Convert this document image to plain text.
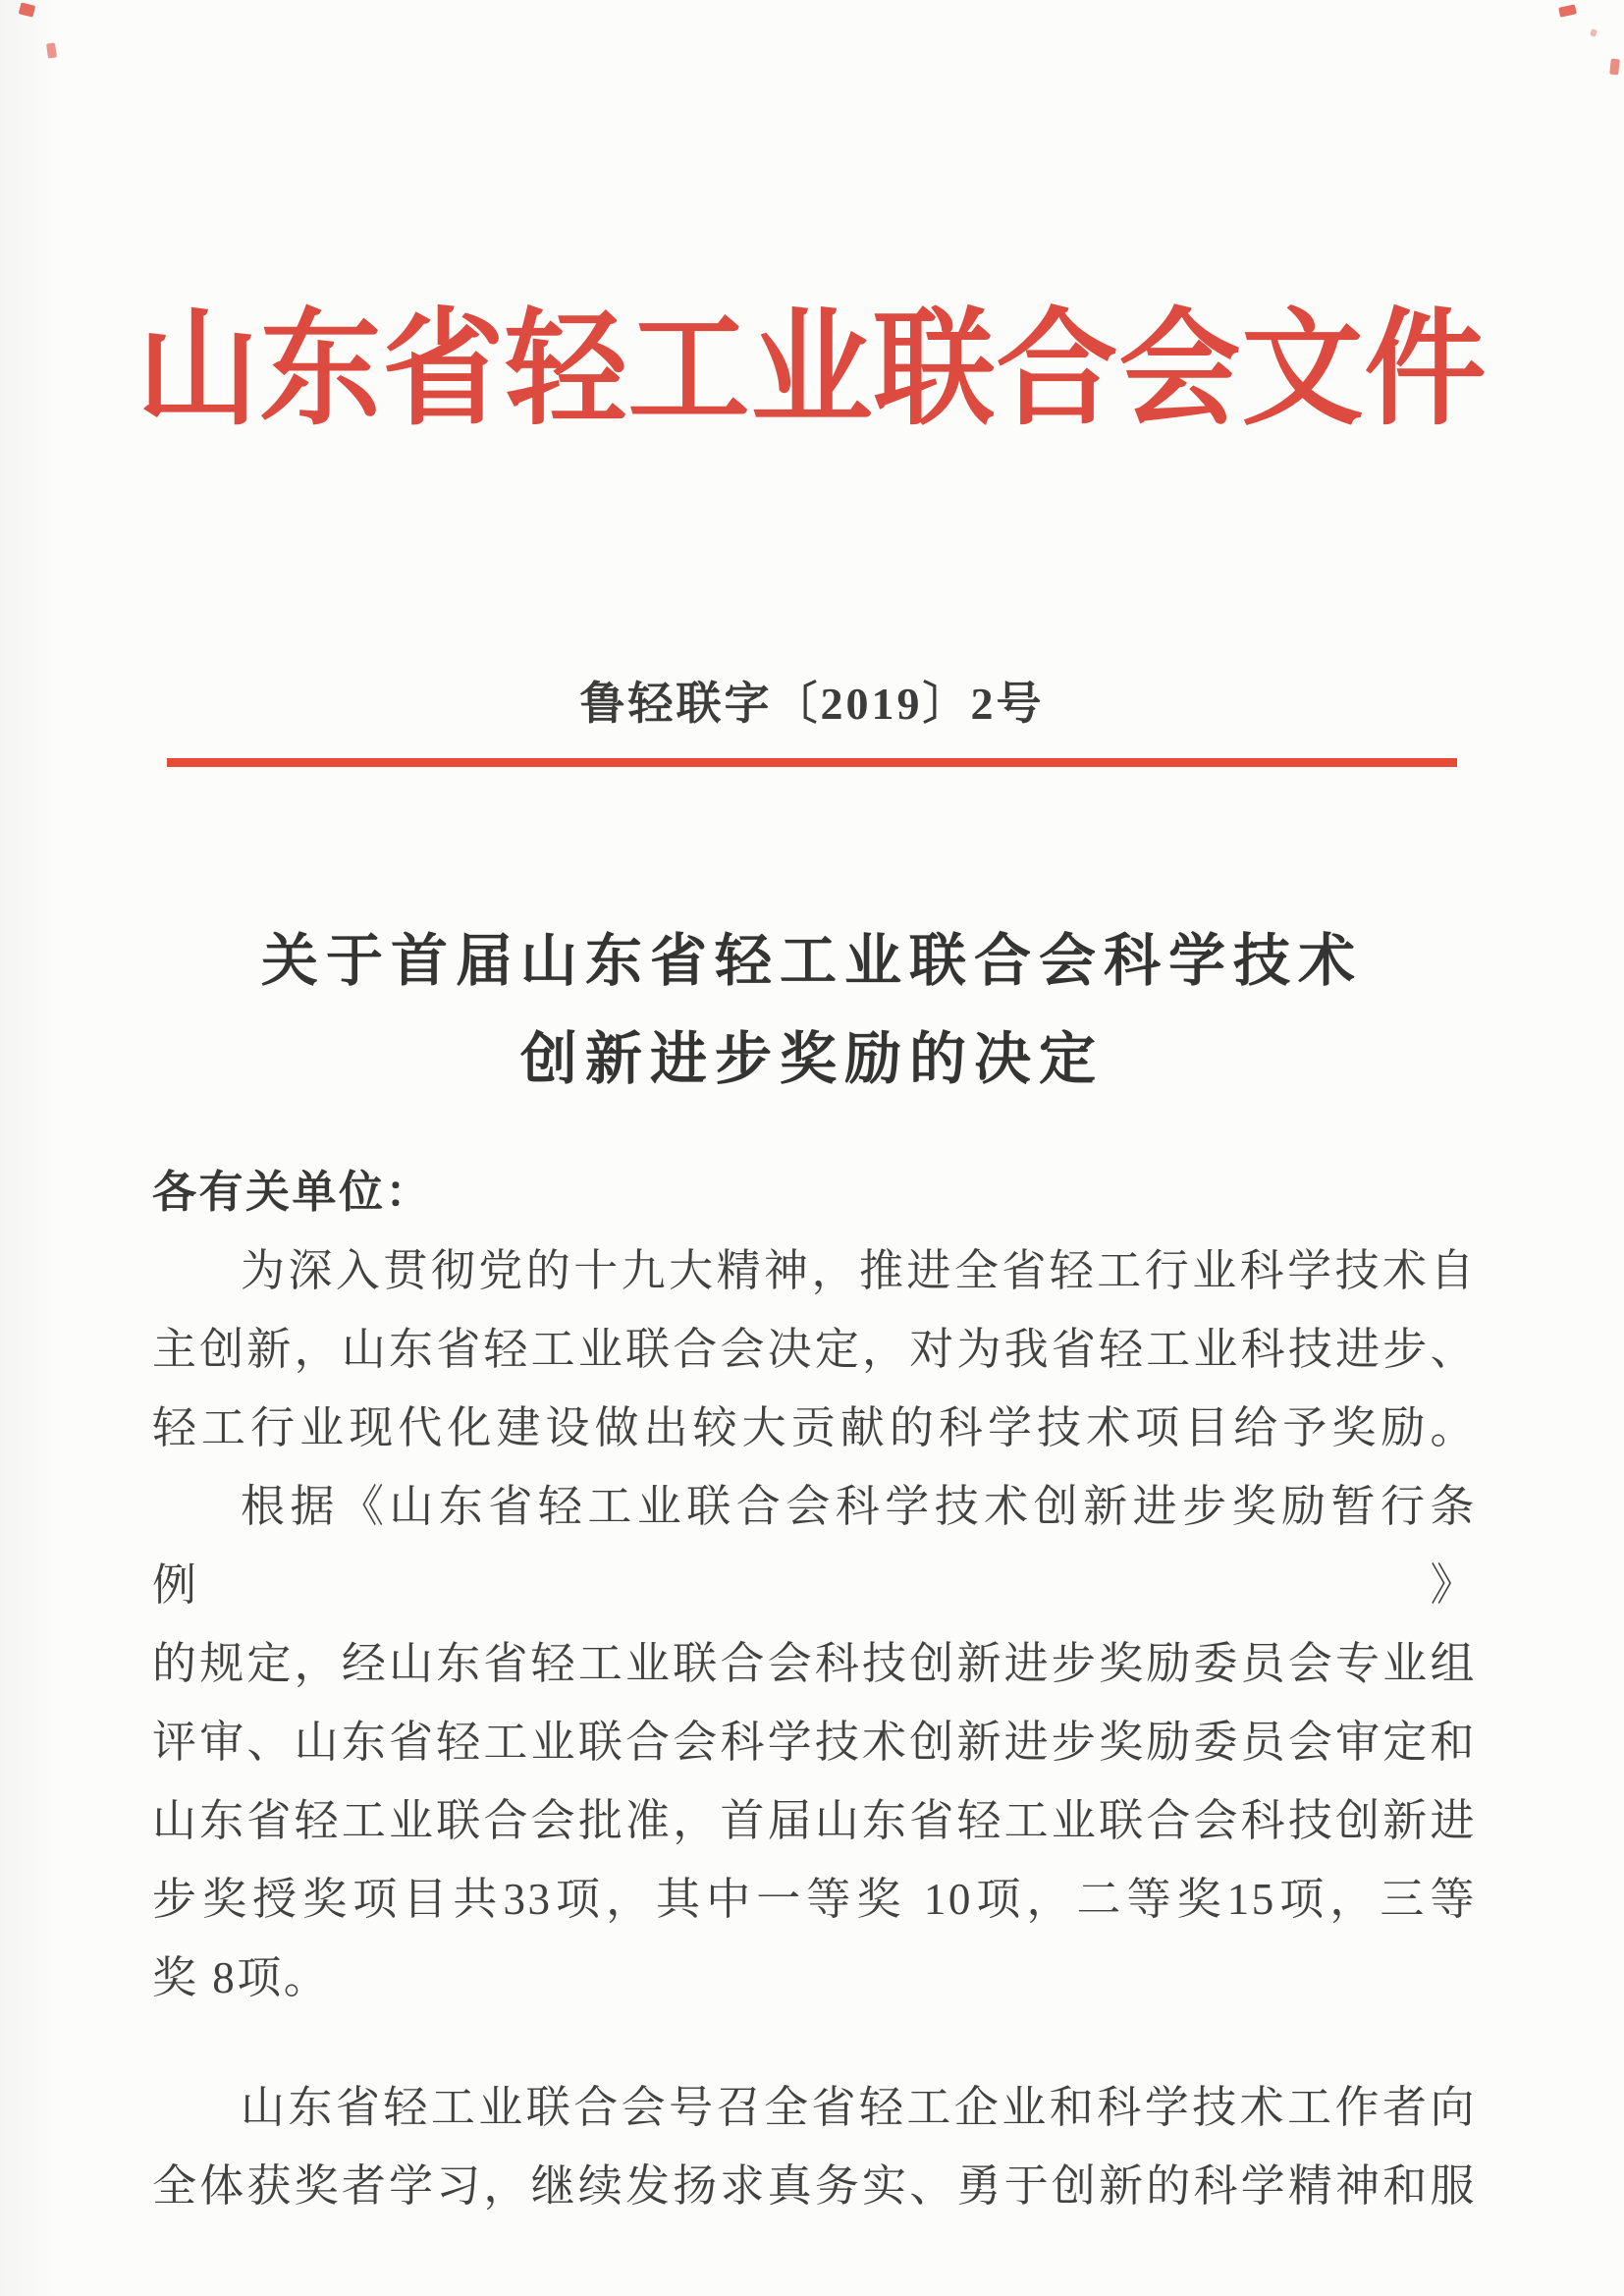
山东省轻工业联合会文件
鲁轻联字〔2019〕2号
关于首届山东省轻工业联合会科学技术
创新进步奖励的决定
各有关单位：
为深入贯彻党的十九大精神，推进全省轻工行业科学技术自
主创新，山东省轻工业联合会决定，对为我省轻工业科技进步、
轻工行业现代化建设做出较大贡献的科学技术项目给予奖励。
根据《山东省轻工业联合会科学技术创新进步奖励暂行条例》
的规定，经山东省轻工业联合会科技创新进步奖励委员会专业组
评审、山东省轻工业联合会科学技术创新进步奖励委员会审定和
山东省轻工业联合会批准，首届山东省轻工业联合会科技创新进
步奖授奖项目共33项，其中一等奖 10项，二等奖15项，三等
奖 8项。
山东省轻工业联合会号召全省轻工企业和科学技术工作者向
全体获奖者学习，继续发扬求真务实、勇于创新的科学精神和服
